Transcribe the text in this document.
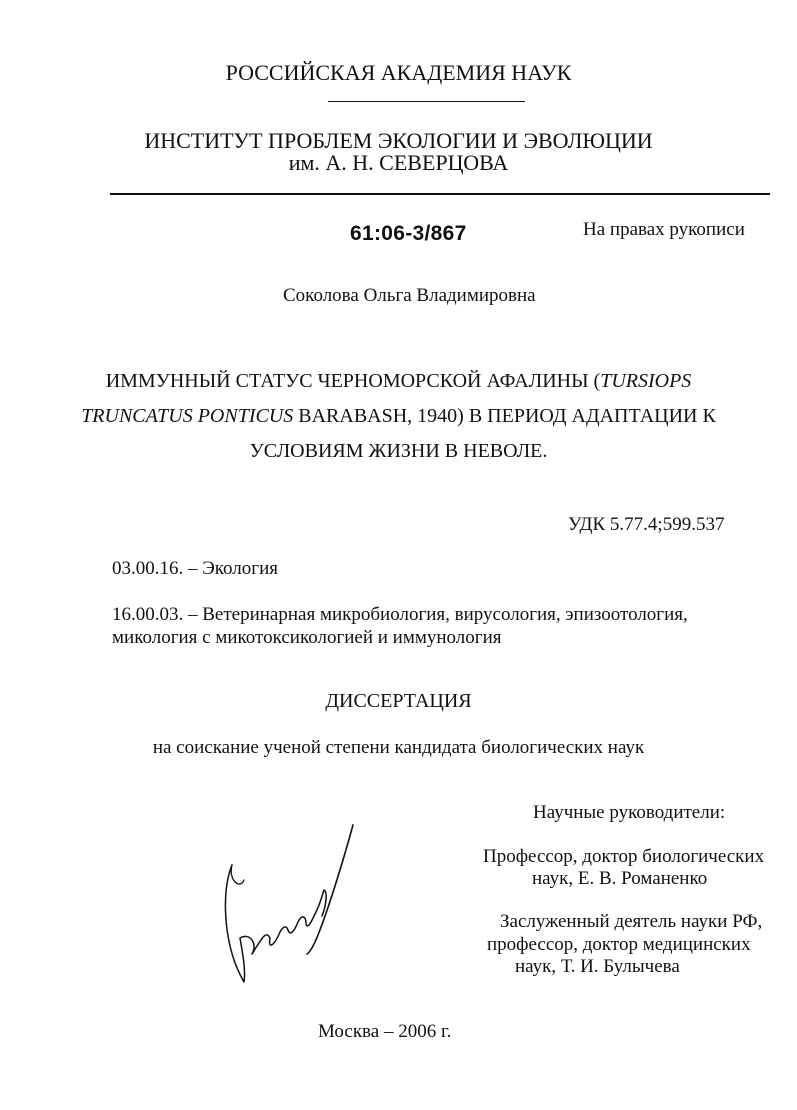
РОССИЙСКАЯ АКАДЕМИЯ НАУК
ИНСТИТУТ ПРОБЛЕМ ЭКОЛОГИИ И ЭВОЛЮЦИИ
им. А. Н. СЕВЕРЦОВА
61:06-3/867	На правах рукописи
Соколова Ольга Владимировна
ИММУННЫЙ СТАТУС ЧЕРНОМОРСКОЙ АФАЛИНЫ (TURSIOPS
TRUNCATUS PONTICUS BARABASH, 1940) В ПЕРИОД АДАПТАЦИИ К
УСЛОВИЯМ ЖИЗНИ В НЕВОЛЕ.
УДК 5.77.4;599.537
03.00.16. – Экология
16.00.03. – Ветеринарная микробиология, вирусология, эпизоотология,
микология с микотоксикологией и иммунология
ДИССЕРТАЦИЯ
на соискание ученой степени кандидата биологических наук
Научные руководители:
Профессор, доктор биологических
наук, Е. В. Романенко
Заслуженный деятель науки РФ,
профессор, доктор медицинских
наук, Т. И. Булычева
Москва – 2006 г.
